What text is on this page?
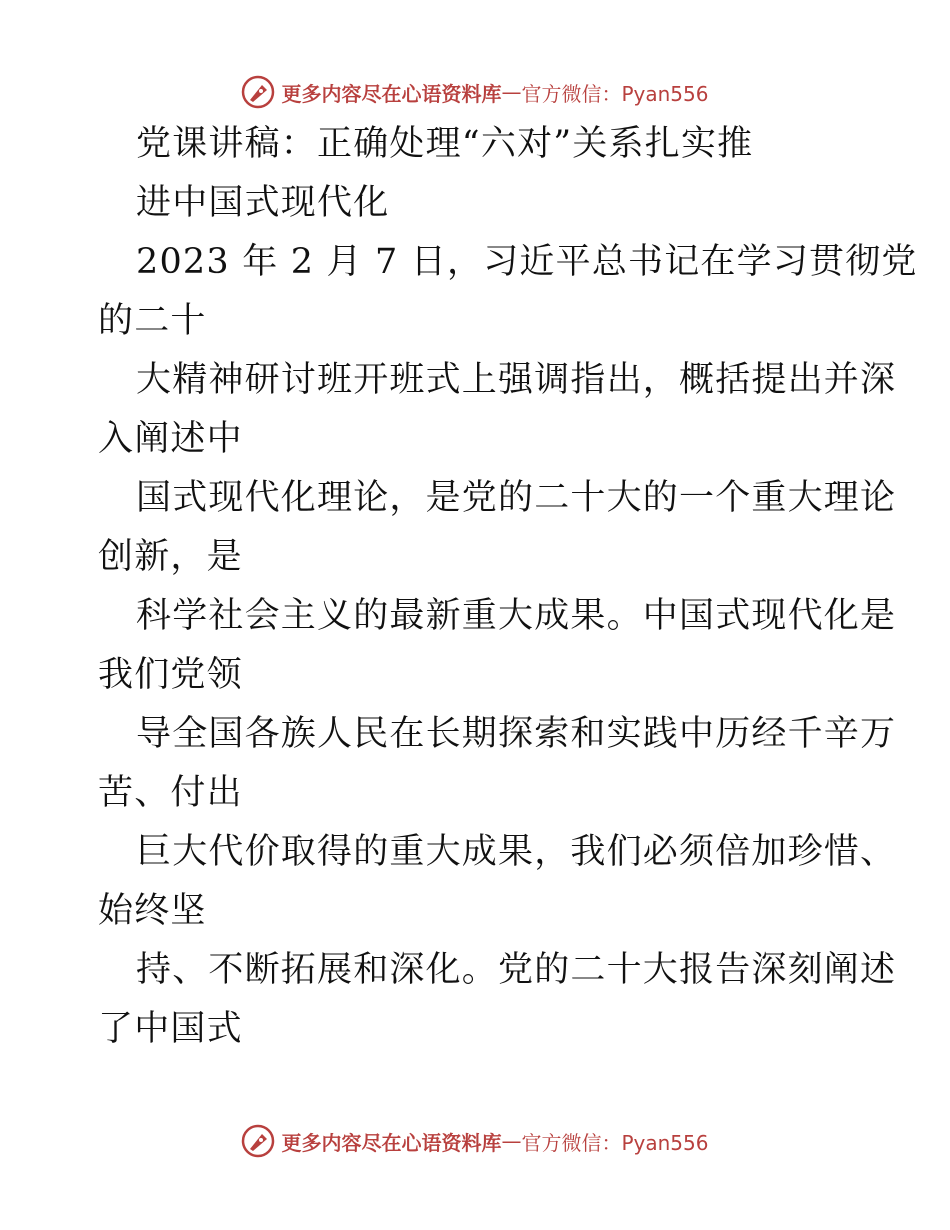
更多内容尽在心语资料库 — 官方微信：Pyan556
党课讲稿：正确处理“六对”关系扎实推
进中国式现代化
2023 年 2 月 7 日，习近平总书记在学习贯彻党
的二十
大精神研讨班开班式上强调指出，概括提出并深
入阐述中
国式现代化理论，是党的二十大的一个重大理论
创新，是
科学社会主义的最新重大成果。中国式现代化是
我们党领
导全国各族人民在长期探索和实践中历经千辛万
苦、付出
巨大代价取得的重大成果，我们必须倍加珍惜、
始终坚
持、不断拓展和深化。党的二十大报告深刻阐述
了中国式
更多内容尽在心语资料库 — 官方微信：Pyan556
